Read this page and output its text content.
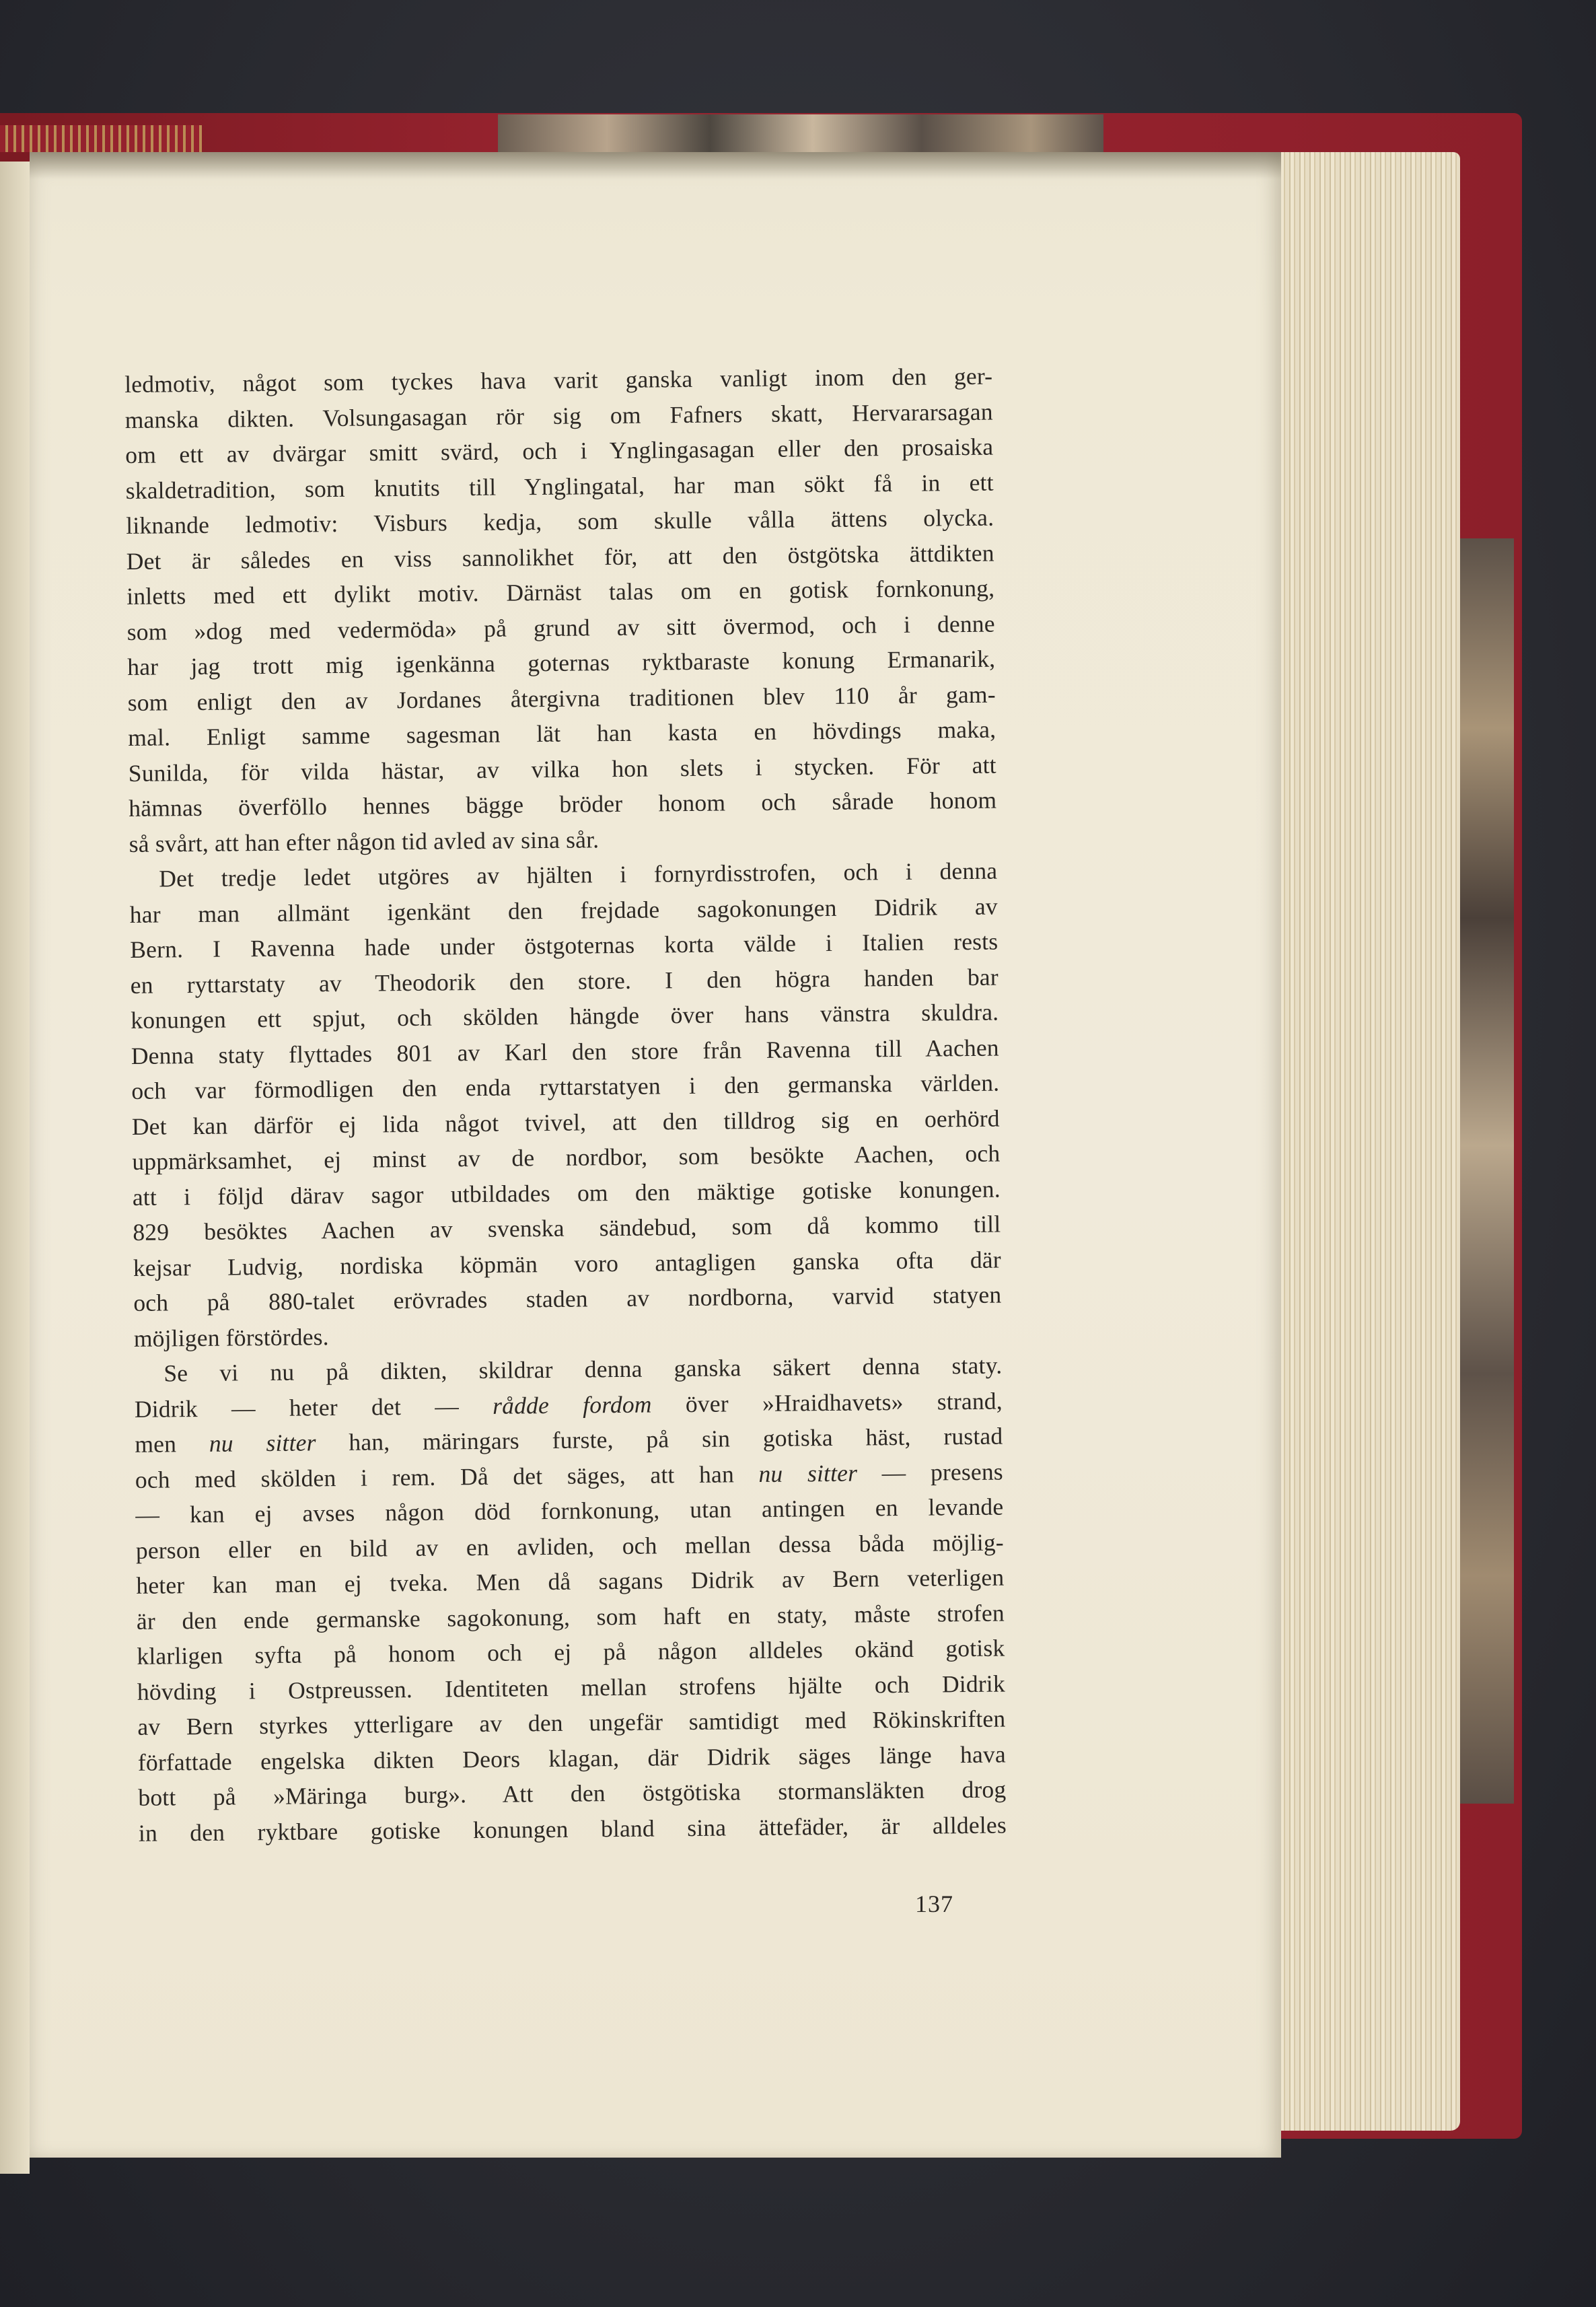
ledmotiv, något som tyckes hava varit ganska vanligt inom den ger-
manska dikten. Volsungasagan rör sig om Fafners skatt, Hervararsagan
om ett av dvärgar smitt svärd, och i Ynglingasagan eller den prosaiska
skaldetradition, som knutits till Ynglingatal, har man sökt få in ett
liknande ledmotiv: Visburs kedja, som skulle vålla ättens olycka.
Det är således en viss sannolikhet för, att den östgötska ättdikten
inletts med ett dylikt motiv. Därnäst talas om en gotisk fornkonung,
som »dog med vedermöda» på grund av sitt övermod, och i denne
har jag trott mig igenkänna goternas ryktbaraste konung Ermanarik,
som enligt den av Jordanes återgivna traditionen blev 110 år gam-
mal. Enligt samme sagesman lät han kasta en hövdings maka,
Sunilda, för vilda hästar, av vilka hon slets i stycken. För att
hämnas överföllo hennes bägge bröder honom och sårade honom
så svårt, att han efter någon tid avled av sina sår.
Det tredje ledet utgöres av hjälten i fornyrdisstrofen, och i denna
har man allmänt igenkänt den frejdade sagokonungen Didrik av
Bern. I Ravenna hade under östgoternas korta välde i Italien rests
en ryttarstaty av Theodorik den store. I den högra handen bar
konungen ett spjut, och skölden hängde över hans vänstra skuldra.
Denna staty flyttades 801 av Karl den store från Ravenna till Aachen
och var förmodligen den enda ryttarstatyen i den germanska världen.
Det kan därför ej lida något tvivel, att den tilldrog sig en oerhörd
uppmärksamhet, ej minst av de nordbor, som besökte Aachen, och
att i följd därav sagor utbildades om den mäktige gotiske konungen.
829 besöktes Aachen av svenska sändebud, som då kommo till
kejsar Ludvig, nordiska köpmän voro antagligen ganska ofta där
och på 880-talet erövrades staden av nordborna, varvid statyen
möjligen förstördes.
Se vi nu på dikten, skildrar denna ganska säkert denna staty.
Didrik — heter det — rådde fordom över »Hraidhavets» strand,
men nu sitter han, märingars furste, på sin gotiska häst, rustad
och med skölden i rem. Då det säges, att han nu sitter — presens
— kan ej avses någon död fornkonung, utan antingen en levande
person eller en bild av en avliden, och mellan dessa båda möjlig-
heter kan man ej tveka. Men då sagans Didrik av Bern veterligen
är den ende germanske sagokonung, som haft en staty, måste strofen
klarligen syfta på honom och ej på någon alldeles okänd gotisk
hövding i Ostpreussen. Identiteten mellan strofens hjälte och Didrik
av Bern styrkes ytterligare av den ungefär samtidigt med Rökinskriften
författade engelska dikten Deors klagan, där Didrik säges länge hava
bott på »Märinga burg». Att den östgötiska stormansläkten drog
in den ryktbare gotiske konungen bland sina ättefäder, är alldeles
137
